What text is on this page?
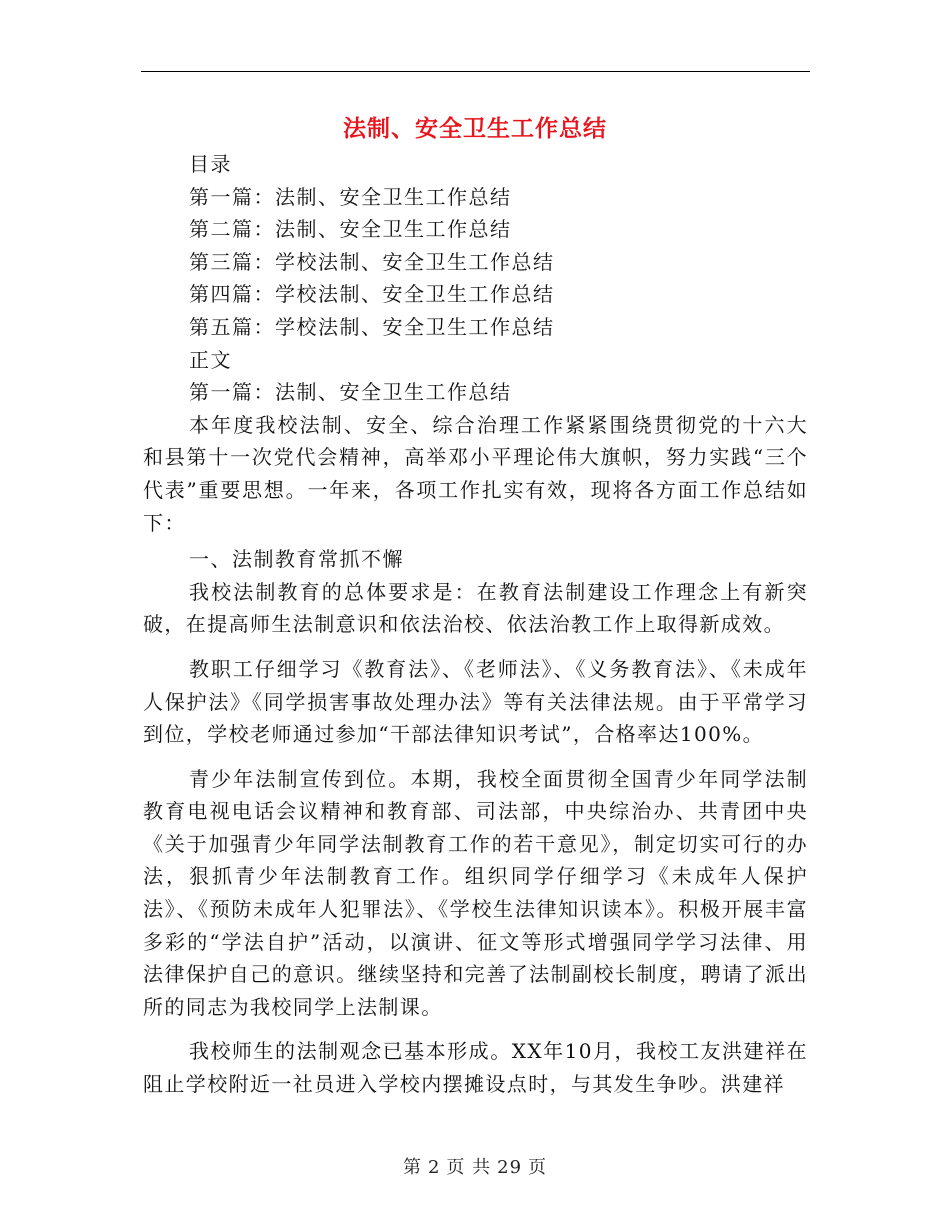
法制、安全卫生工作总结
目录
第一篇：法制、安全卫生工作总结
第二篇：法制、安全卫生工作总结
第三篇：学校法制、安全卫生工作总结
第四篇：学校法制、安全卫生工作总结
第五篇：学校法制、安全卫生工作总结
正文
第一篇：法制、安全卫生工作总结

本年度我校法制、安全、综合治理工作紧紧围绕贯彻党的十六大和县第十一次党代会精神，高举邓小平理论伟大旗帜，努力实践“三个代表”重要思想。一年来，各项工作扎实有效，现将各方面工作总结如下：

一、法制教育常抓不懈

我校法制教育的总体要求是：在教育法制建设工作理念上有新突破，在提高师生法制意识和依法治校、依法治教工作上取得新成效。

教职工仔细学习《教育法》、《老师法》、《义务教育法》、《未成年人保护法》《同学损害事故处理办法》等有关法律法规。由于平常学习到位，学校老师通过参加“干部法律知识考试”，合格率达100%。

青少年法制宣传到位。本期，我校全面贯彻全国青少年同学法制教育电视电话会议精神和教育部、司法部，中央综治办、共青团中央《关于加强青少年同学法制教育工作的若干意见》，制定切实可行的办法，狠抓青少年法制教育工作。组织同学仔细学习《未成年人保护法》、《预防未成年人犯罪法》、《学校生法律知识读本》。积极开展丰富多彩的“学法自护”活动，以演讲、征文等形式增强同学学习法律、用法律保护自己的意识。继续坚持和完善了法制副校长制度，聘请了派出所的同志为我校同学上法制课。

我校师生的法制观念已基本形成。XX年10月，我校工友洪建祥在阻止学校附近一社员进入学校内摆摊设点时，与其发生争吵。洪建祥

第 2 页 共 29 页
